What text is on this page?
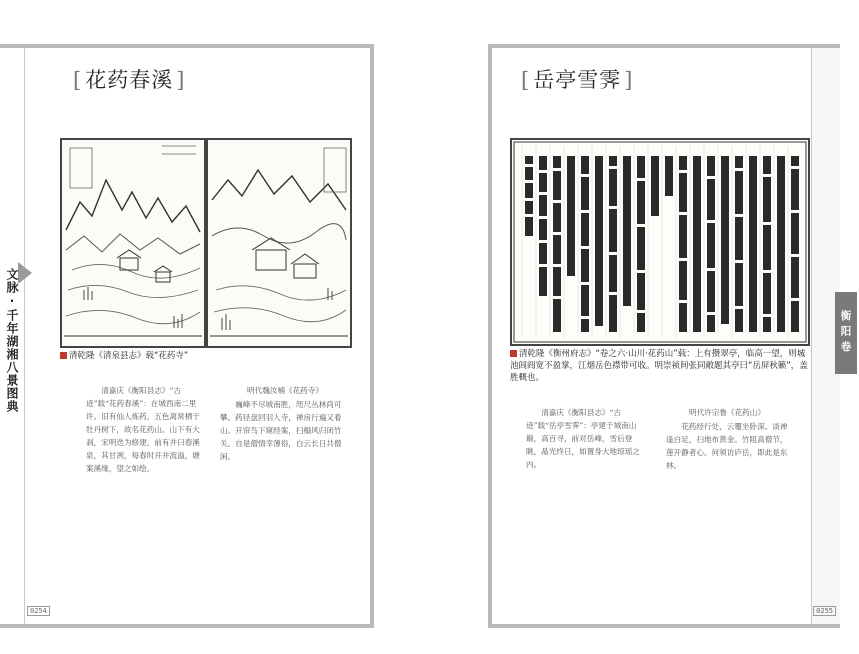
[ 花药春溪 ]
清乾隆《清泉县志》载“花药寺”

清嘉庆《衡阳县志》“古迹”载“花药春溪”：在城西南二里许。旧有仙人炼药，五色离常栖于牡丹树下，故名花药山。山下有大刹，宋明迭为修建，前有井曰春溪泉，其甘冽，每春时开井流溢，塘案溪缘，望之如绘。

明代魏汝楠《花药寺》

巍峰不尽城南胜，咫尺丛林尚可攀。药径盘回羽人寺，禅房行遍又看山。开帘鸟下窥经案，扫榻风归闭竹关。自是僧情幸薄俗，白云长日共僧闲。

0254
文脉·千年湖湘八景图典
[ 岳亭雪霁 ]
清乾隆《衡州府志》“卷之六·山川·花药山”载：上有攒翠亭，临高一望，则城池闾阎宽不盈掌，江烟岳色襟带可收。明崇祯间张同敞题其亭曰“岳屏秋籁”，盖胜概也。

清嘉庆《衡阳县志》“古迹”载“岳亭雪霁”：亭建于城南山巅，高百寻，前对岳峰，雪后登眺，晶光终日，如置身大地琼瑶之内。

明代许宗鲁《花药山》

花药经行处，云覆坐卧深。谈禅逢白足，扫地布黄金。竹阻高僧节，莲开静者心。何须访庐岳，即此是东林。

0255
衡阳卷
